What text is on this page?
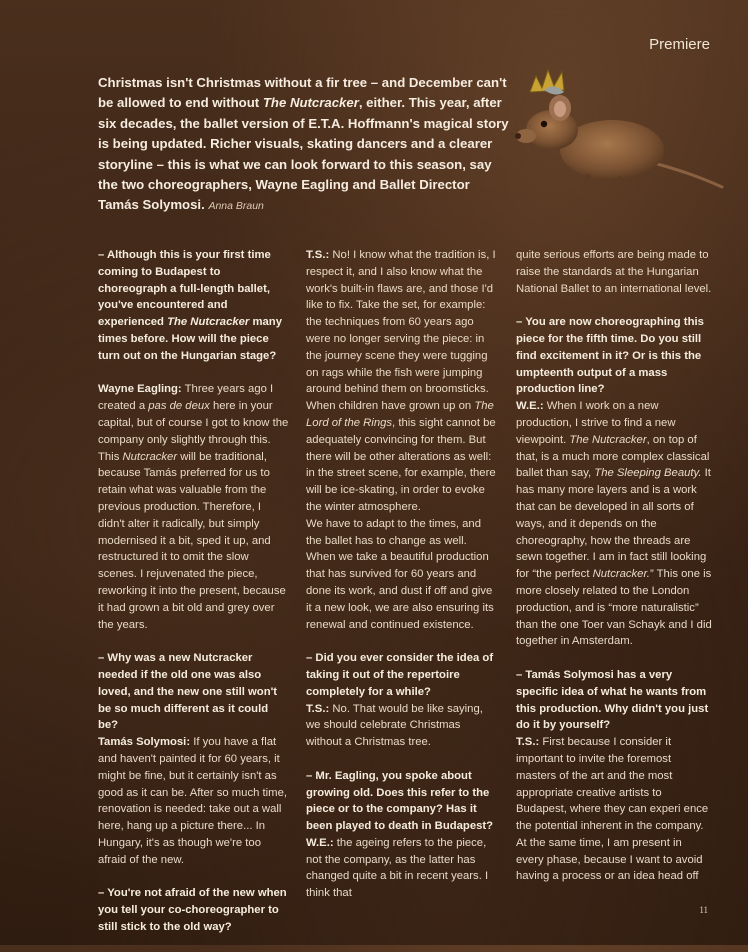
Premiere
Christmas isn't Christmas without a fir tree – and December can't be allowed to end without The Nutcracker, either. This year, after six decades, the ballet version of E.T.A. Hoffmann's magical story is being updated. Richer visuals, skating dancers and a clearer storyline – this is what we can look forward to this season, say the two choreographers, Wayne Eagling and Ballet Director Tamás Solymosi. Anna Braun

– Although this is your first time coming to Budapest to choreograph a full-length ballet, you've encountered and experienced The Nutcracker many times before. How will the piece turn out on the Hungarian stage?

Wayne Eagling: Three years ago I created a pas de deux here in your capital, but of course I got to know the company only slightly through this. This Nutcracker will be traditional, because Tamás preferred for us to retain what was valuable from the previous production. Therefore, I didn't alter it radically, but simply modernised it a bit, sped it up, and restructured it to omit the slow scenes. I rejuvenated the piece, reworking it into the present, because it had grown a bit old and grey over the years.

– Why was a new Nutcracker needed if the old one was also loved, and the new one still won't be so much different as it could be?

Tamás Solymosi: If you have a flat and haven't painted it for 60 years, it might be fine, but it certainly isn't as good as it can be. After so much time, renovation is needed: take out a wall here, hang up a picture there... In Hungary, it's as though we're too afraid of the new.

– You're not afraid of the new when you tell your co-choreographer to still stick to the old way?

T.S.: No! I know what the tradition is, I respect it, and I also know what the work's built-in flaws are, and those I'd like to fix. Take the set, for example: the techniques from 60 years ago were no longer serving the piece: in the journey scene they were tugging on rags while the fish were jumping around behind them on broomsticks. When children have grown up on The Lord of the Rings, this sight cannot be adequately convincing for them. But there will be other alterations as well: in the street scene, for example, there will be ice-skating, in order to evoke the winter atmosphere.

We have to adapt to the times, and the ballet has to change as well. When we take a beautiful production that has survived for 60 years and done its work, and dust if off and give it a new look, we are also ensuring its renewal and continued existence.

– Did you ever consider the idea of taking it out of the repertoire completely for a while?

T.S.: No. That would be like saying, we should celebrate Christmas without a Christmas tree.

– Mr. Eagling, you spoke about growing old. Does this refer to the piece or to the company? Has it been played to death in Budapest?

W.E.: the ageing refers to the piece, not the company, as the latter has changed quite a bit in recent years. I think that

quite serious efforts are being made to raise the standards at the Hungarian National Ballet to an international level.

– You are now choreographing this piece for the fifth time. Do you still find excitement in it? Or is this the umpteenth output of a mass production line?

W.E.: When I work on a new production, I strive to find a new viewpoint. The Nutcracker, on top of that, is a much more complex classical ballet than say, The Sleeping Beauty. It has many more layers and is a work that can be developed in all sorts of ways, and it depends on the choreography, how the threads are sewn together. I am in fact still looking for “the perfect Nutcracker.” This one is more closely related to the London production, and is “more naturalistic” than the one Toer van Schayk and I did together in Amsterdam.

– Tamás Solymosi has a very specific idea of what he wants from this production. Why didn't you just do it by yourself?

T.S.: First because I consider it important to invite the foremost masters of the art and the most appropriate creative artists to Budapest, where they can experi ence the potential inherent in the company.

At the same time, I am present in every phase, because I want to avoid having a process or an idea head off

11
